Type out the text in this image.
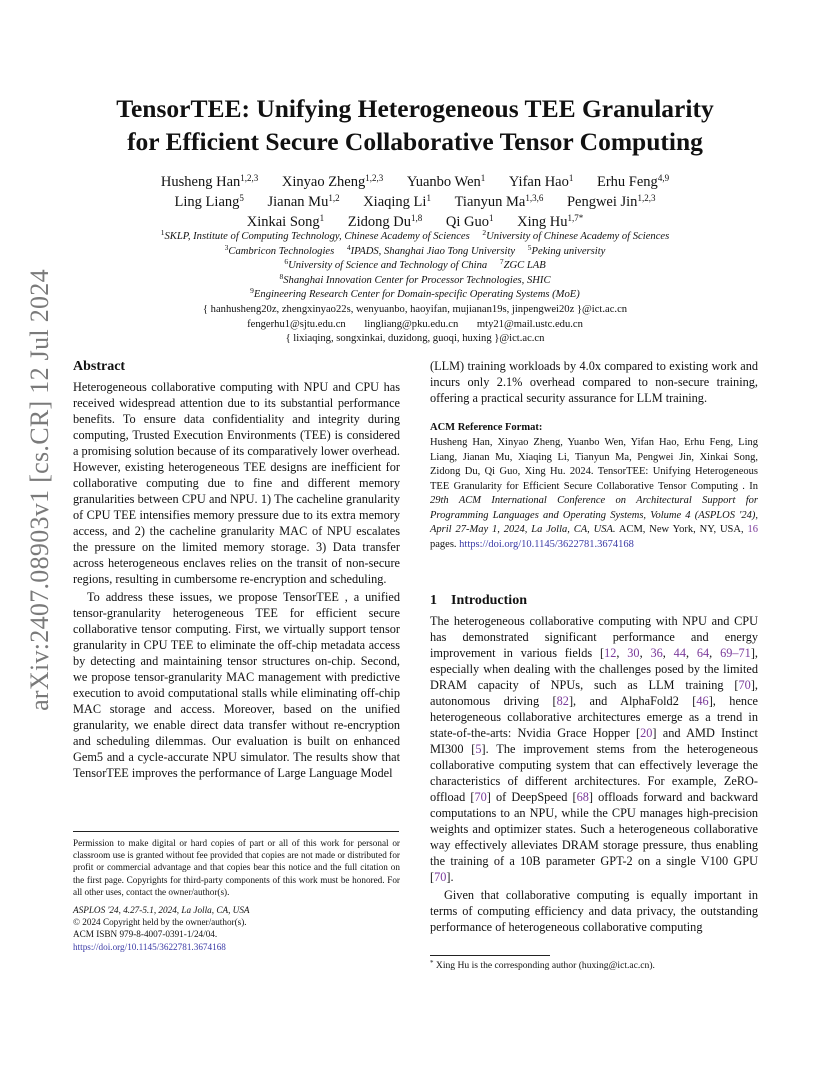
arXiv:2407.08903v1 [cs.CR] 12 Jul 2024
TensorTEE: Unifying Heterogeneous TEE Granularity
for Efficient Secure Collaborative Tensor Computing
Husheng Han$^{1,2,3}$ Xinyao Zheng$^{1,2,3}$ Yuanbo Wen$^1$ Yifan Hao$^1$ Erhu Feng$^{4,9}$
Ling Liang$^5$ Jianan Mu$^{1,2}$ Xiaqing Li$^1$ Tianyun Ma$^{1,3,6}$ Pengwei Jin$^{1,2,3}$
Xinkai Song$^1$ Zidong Du$^{1,8}$ Qi Guo$^1$ Xing $Hu^{1,7*}$
$^1$SKLP, Institute of Computing Technology, Chinese Academy of Sciences $^2$University of Chinese Academy of Sciences
$^3$Cambricon Technologies $^4$IPADS, Shanghai Jiao Tong University $^5$Peking university
$^6$University of Science and Technology of China $^7$ZGC LAB
$^8$Shanghai Innovation Center for Processor Technologies, SHIC
$^9$Engineering Research Center for Domain-specific Operating Systems (MoE)
{ hanhusheng20z, zhengxinyao22s, wenyuanbo, haoyifan, mujianan19s, jinpengwei20z }@ict.ac.cn
fengerhu1@sjtu.edu.cn lingliang@pku.edu.cn mty21@mail.ustc.edu.cn
{ lixiaqing, songxinkai, duzidong, guoqi, huxing }@ict.ac.cn
Abstract

Heterogeneous collaborative computing with NPU and CPU has received widespread attention due to its substantial performance benefits. To ensure data confidentiality and integrity during computing, Trusted Execution Environments (TEE) is considered a promising solution because of its comparatively lower overhead. However, existing heterogeneous TEE designs are inefficient for collaborative computing due to fine and different memory granularities between CPU and NPU. 1) The cacheline granularity of CPU TEE intensifies memory pressure due to its extra memory access, and 2) the cacheline granularity MAC of NPU escalates the pressure on the limited memory storage. 3) Data transfer across heterogeneous enclaves relies on the transit of non-secure regions, resulting in cumbersome re-encryption and scheduling.

To address these issues, we propose TensorTEE , a unified tensor-granularity heterogeneous TEE for efficient secure collaborative tensor computing. First, we virtually support tensor granularity in CPU TEE to eliminate the off-chip metadata access by detecting and maintaining tensor structures on-chip. Second, we propose tensor-granularity MAC management with predictive execution to avoid computational stalls while eliminating off-chip MAC storage and access. Moreover, based on the unified granularity, we enable direct data transfer without re-encryption and scheduling dilemmas. Our evaluation is built on enhanced Gem5 and a cycle-accurate NPU simulator. The results show that TensorTEE improves the performance of Large Language Model

Permission to make digital or hard copies of part or all of this work for personal or classroom use is granted without fee provided that copies are not made or distributed for profit or commercial advantage and that copies bear this notice and the full citation on the first page. Copyrights for third-party components of this work must be honored. For all other uses, contact the owner/author(s).

ASPLOS '24, 4.27-5.1, 2024, La Jolla, CA, USA

© 2024 Copyright held by the owner/author(s).

ACM ISBN 979-8-4007-0391-1/24/04.

https://doi.org/10.1145/3622781.3674168

(LLM) training workloads by 4.0x compared to existing work and incurs only 2.1% overhead compared to non-secure training, offering a practical security assurance for LLM training.

ACM Reference Format:

Husheng Han, Xinyao Zheng, Yuanbo Wen, Yifan Hao, Erhu Feng, Ling Liang, Jianan Mu, Xiaqing Li, Tianyun Ma, Pengwei Jin, Xinkai Song, Zidong Du, Qi Guo, Xing Hu. 2024. TensorTEE: Unifying Heterogeneous TEE Granularity for Efficient Secure Collaborative Tensor Computing . In 29th ACM International Conference on Architectural Support for Programming Languages and Operating Systems, Volume 4 (ASPLOS '24), April 27-May 1, 2024, La Jolla, CA, USA. ACM, New York, NY, USA, 16 pages. https://doi.org/10.1145/3622781.3674168

1 Introduction

The heterogeneous collaborative computing with NPU and CPU has demonstrated significant performance and energy improvement in various fields [12, 30, 36, 44, 64, 69–71], especially when dealing with the challenges posed by the limited DRAM capacity of NPUs, such as LLM training [70], autonomous driving [82], and AlphaFold2 [46], hence heterogeneous collaborative architectures emerge as a trend in state-of-the-arts: Nvidia Grace Hopper [20] and AMD Instinct MI300 [5]. The improvement stems from the heterogeneous collaborative computing system that can effectively leverage the characteristics of different architectures. For example, ZeRO-offload [70] of DeepSpeed [68] offloads forward and backward computations to an NPU, while the CPU manages high-precision weights and optimizer states. Such a heterogeneous collaborative way effectively alleviates DRAM storage pressure, thus enabling the training of a 10B parameter GPT-2 on a single V100 GPU [70].

Given that collaborative computing is equally important in terms of computing efficiency and data privacy, the outstanding performance of heterogeneous collaborative computing

* Xing Hu is the corresponding author (huxing@ict.ac.cn).
